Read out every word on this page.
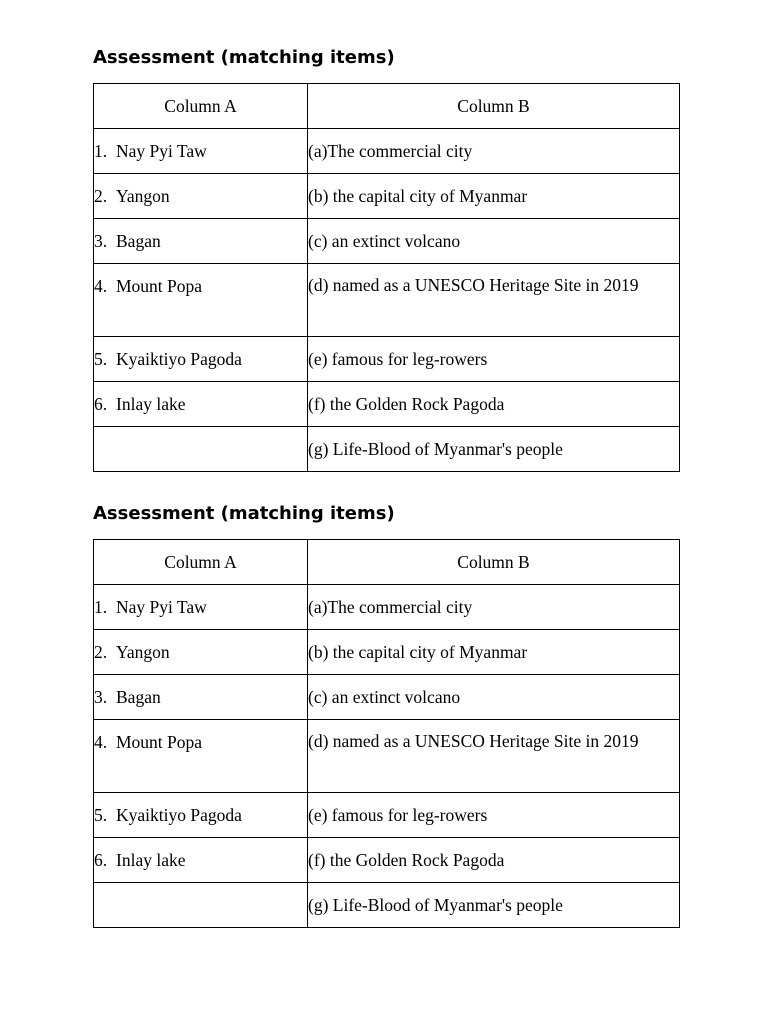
Assessment (matching items)
Column A	Column B
1. Nay Pyi Taw	(a)The commercial city
2. Yangon	(b) the capital city of Myanmar
3. Bagan	(c) an extinct volcano
4. Mount Popa	(d) named as a UNESCO Heritage Site in 2019
5. Kyaiktiyo Pagoda	(e) famous for leg-rowers
6. Inlay lake	(f) the Golden Rock Pagoda
	(g) Life-Blood of Myanmar's people
Assessment (matching items)
Column A	Column B
1. Nay Pyi Taw	(a)The commercial city
2. Yangon	(b) the capital city of Myanmar
3. Bagan	(c) an extinct volcano
4. Mount Popa	(d) named as a UNESCO Heritage Site in 2019
5. Kyaiktiyo Pagoda	(e) famous for leg-rowers
6. Inlay lake	(f) the Golden Rock Pagoda
	(g) Life-Blood of Myanmar's people
